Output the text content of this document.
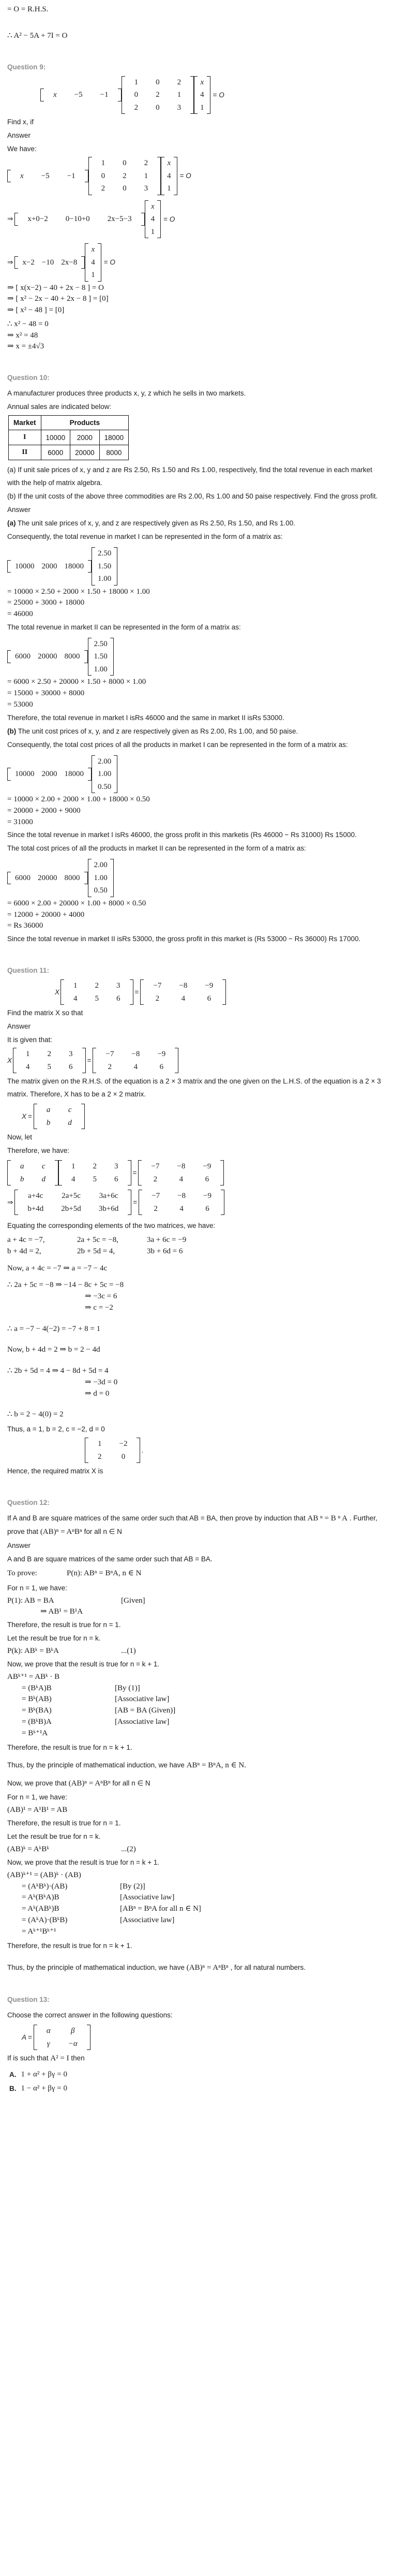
= O = R.H.S.
∴ A² − 5A + 7I = O
Question 9:
x	−5	−1
1	0	2
0	2	1
2	0	3
x
4
1
= O
Find x, if
Answer
We have:
x	−5	−1
1	0	2
0	2	1
2	0	3
x
4
1
= O
⇒	x+0−2	0−10+0	2x−5−3
x
4
1
= O
⇒	x−2 −10 2x−8
x
4
1
= O
⇒ [ x(x−2) − 40 + 2x − 8 ] = O
⇒ [ x² − 2x − 40 + 2x − 8 ] = [0]
⇒ [ x² − 48 ] = [0]
∴ x² − 48 = 0
⇒ x² = 48
⇒ x = ±4√3
Question 10:
A manufacturer produces three products x, y, z which he sells in two markets.
Annual sales are indicated below:
Market	Products		
I	10000	2000	18000
II	6000	20000	8000
(a) If unit sale prices of x, y and z are Rs 2.50, Rs 1.50 and Rs 1.00, respectively, find the total revenue in each market with the help of matrix algebra.
(b) If the unit costs of the above three commodities are Rs 2.00, Rs 1.00 and 50 paise respectively. Find the gross profit.
Answer
(a) The unit sale prices of x, y, and z are respectively given as Rs 2.50, Rs 1.50, and Rs 1.00.
Consequently, the total revenue in market I can be represented in the form of a matrix as:
10000 2000 18000
2.50
1.50
1.00
= 10000 × 2.50 + 2000 × 1.50 + 18000 × 1.00
= 25000 + 3000 + 18000
= 46000
The total revenue in market II can be represented in the form of a matrix as:
6000 20000 8000
2.50
1.50
1.00
= 6000 × 2.50 + 20000 × 1.50 + 8000 × 1.00
= 15000 + 30000 + 8000
= 53000
Therefore, the total revenue in market I isRs 46000 and the same in market II isRs 53000.
(b) The unit cost prices of x, y, and z are respectively given as Rs 2.00, Rs 1.00, and 50 paise.
Consequently, the total cost prices of all the products in market I can be represented in the form of a matrix as:
10000 2000 18000
2.00
1.00
0.50
= 10000 × 2.00 + 2000 × 1.00 + 18000 × 0.50
= 20000 + 2000 + 9000
= 31000
Since the total revenue in market I isRs 46000, the gross profit in this marketis (Rs 46000 − Rs 31000) Rs 15000.
The total cost prices of all the products in market II can be represented in the form of a matrix as:
6000 20000 8000
2.00
1.00
0.50
= 6000 × 2.00 + 20000 × 1.00 + 8000 × 0.50
= 12000 + 20000 + 4000
= Rs 36000
Since the total revenue in market II isRs 53000, the gross profit in this market is (Rs 53000 − Rs 36000) Rs 17000.
Question 11:
X
1	2	3
4	5	6
=
−7	−8	−9
2	4	6
Find the matrix X so that
Answer
It is given that:
X
1	2	3
4	5	6
=
−7	−8	−9
2	4	6
The matrix given on the R.H.S. of the equation is a 2 × 3 matrix and the one given on the L.H.S. of the equation is a 2 × 3 matrix. Therefore, X has to be a 2 × 2 matrix.
X =
a	c
b	d
Now, let
Therefore, we have:
a	c
b	d
1	2	3
4	5	6
=
−7	−8	−9
2	4	6
⇒
a+4c	2a+5c	3a+6c
b+4d	2b+5d	3b+6d
=
−7	−8	−9
2	4	6
Equating the corresponding elements of the two matrices, we have:
a + 4c = −7,	2a + 5c = −8,	3a + 6c = −9
b + 4d = 2,	2b + 5d = 4,	3b + 6d = 6
Now, a + 4c = −7 ⇒ a = −7 − 4c
∴ 2a + 5c = −8 ⇒ −14 − 8c + 5c = −8
⇒ −3c = 6
⇒ c = −2
∴ a = −7 − 4(−2) = −7 + 8 = 1
Now, b + 4d = 2 ⇒ b = 2 − 4d
∴ 2b + 5d = 4 ⇒ 4 − 8d + 5d = 4
⇒ −3d = 0
⇒ d = 0
∴ b = 2 − 4(0) = 2
Thus, a = 1, b = 2, c = −2, d = 0
1	−2
2	0
.
Hence, the required matrix X is
Question 12:
If A and B are square matrices of the same order such that AB = BA, then prove by induction that AB ⁿ = B ⁿ A . Further, prove that (AB)ⁿ = AⁿBⁿ for all n ∈ N
Answer
A and B are square matrices of the same order such that AB = BA.
To prove:	P(n): ABⁿ = BⁿA, n ∈ N
For n = 1, we have:
P(1): AB = BA	[Given]
⇒ AB¹ = B¹A
Therefore, the result is true for n = 1.
Let the result be true for n = k.
P(k): ABᵏ = BᵏA	...(1)
Now, we prove that the result is true for n = k + 1.
ABᵏ⁺¹ = ABᵏ · B
= (BᵏA)B	[By (1)]
= Bᵏ(AB)	[Associative law]
= Bᵏ(BA)	[AB = BA (Given)]
= (BᵏB)A	[Associative law]
= Bᵏ⁺¹A
Therefore, the result is true for n = k + 1.
Thus, by the principle of mathematical induction, we have ABⁿ = BⁿA, n ∈ N.
Now, we prove that (AB)ⁿ = AⁿBⁿ for all n ∈ N
For n = 1, we have:
(AB)¹ = A¹B¹ = AB
Therefore, the result is true for n = 1.
Let the result be true for n = k.
(AB)ᵏ = AᵏBᵏ	...(2)
Now, we prove that the result is true for n = k + 1.
(AB)ᵏ⁺¹ = (AB)ᵏ · (AB)
= (AᵏBᵏ)·(AB)	[By (2)]
= Aᵏ(BᵏA)B	[Associative law]
= Aᵏ(ABᵏ)B	[ABⁿ = BⁿA for all n ∈ N]
= (AᵏA)·(BᵏB)	[Associative law]
= Aᵏ⁺¹Bᵏ⁺¹
Therefore, the result is true for n = k + 1.
Thus, by the principle of mathematical induction, we have (AB)ⁿ = AⁿBⁿ , for all natural numbers.
Question 13:
Choose the correct answer in the following questions:
A =
α	β
γ	−α
If is such that A² = I then
A. 1 + α² + βγ = 0
B. 1 − α² + βγ = 0
